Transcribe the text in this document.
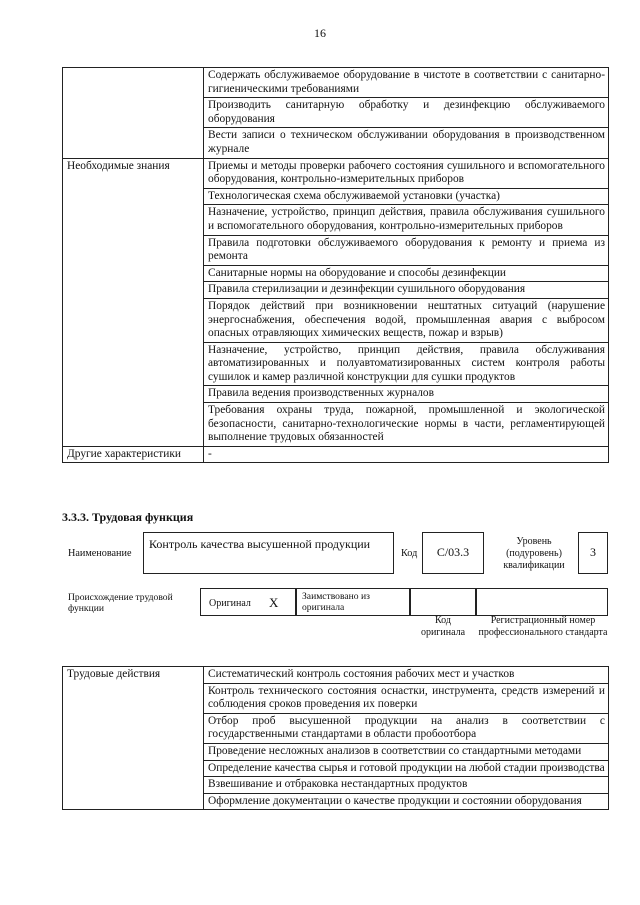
16
	Содержать обслуживаемое оборудование в чистоте в соответствии с санитарно-гигиеническими требованиями
	Производить санитарную обработку и дезинфекцию обслуживаемого оборудования
	Вести записи о техническом обслуживании оборудования в производственном журнале
Необходимые знания	Приемы и методы проверки рабочего состояния сушильного и вспомогательного оборудования, контрольно-измерительных приборов
	Технологическая схема обслуживаемой установки (участка)
	Назначение, устройство, принцип действия, правила обслуживания сушильного и вспомогательного оборудования, контрольно-измерительных приборов
	Правила подготовки обслуживаемого оборудования к ремонту и приема из ремонта
	Санитарные нормы на оборудование и способы дезинфекции
	Правила стерилизации и дезинфекции сушильного оборудования
	Порядок действий при возникновении нештатных ситуаций (нарушение энергоснабжения, обеспечения водой, промышленная авария с выбросом опасных отравляющих химических веществ, пожар и взрыв)
	Назначение, устройство, принцип действия, правила обслуживания автоматизированных и полуавтоматизированных систем контроля работы сушилок и камер различной конструкции для сушки продуктов
	Правила ведения производственных журналов
	Требования охраны труда, пожарной, промышленной и экологической безопасности, санитарно-технологические нормы в части, регламентирующей выполнение трудовых обязанностей
Другие характеристики	-
3.3.3. Трудовая функция
Наименование
Контроль качества высушенной продукции
Код	С/03.3
Уровень (подуровень) квалификации
3
Происхождение трудовой функции	Оригинал Х	Заимствовано из оригинала
Код оригинала
Регистрационный номер профессионального стандарта
Трудовые действия	Систематический контроль состояния рабочих мест и участков
Контроль технического состояния оснастки, инструмента, средств измерений и соблюдения сроков проведения их поверки
Отбор проб высушенной продукции на анализ в соответствии с государственными стандартами в области пробоотбора
Проведение несложных анализов в соответствии со стандартными методами
Определение качества сырья и готовой продукции на любой стадии производства
Взвешивание и отбраковка нестандартных продуктов
Оформление документации о качестве продукции и состоянии оборудования
